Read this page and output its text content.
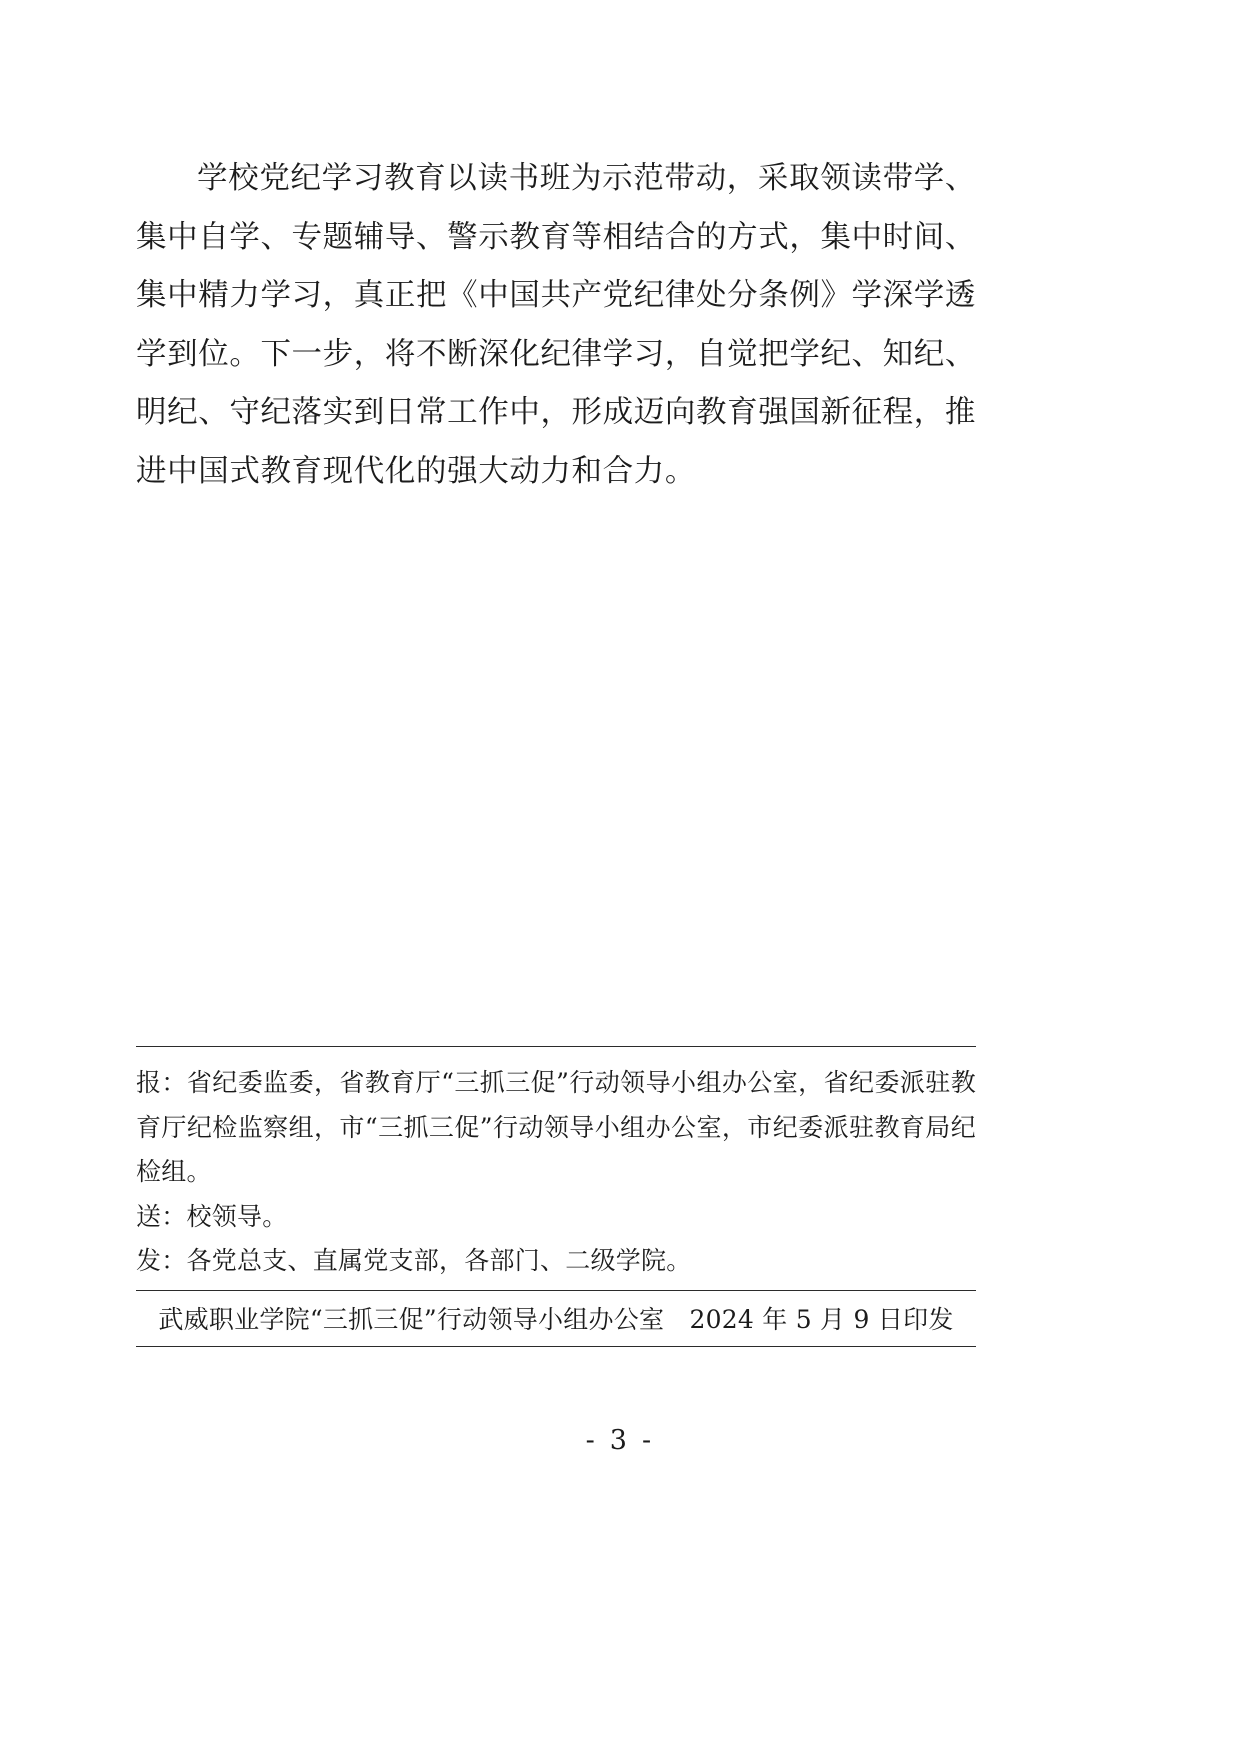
学校党纪学习教育以读书班为示范带动，采取领读带学、集中自学、专题辅导、警示教育等相结合的方式，集中时间、集中精力学习，真正把《中国共产党纪律处分条例》学深学透学到位。下一步，将不断深化纪律学习，自觉把学纪、知纪、明纪、守纪落实到日常工作中，形成迈向教育强国新征程，推进中国式教育现代化的强大动力和合力。

报：省纪委监委，省教育厅“三抓三促”行动领导小组办公室，省纪委派驻教育厅纪检监察组，市“三抓三促”行动领导小组办公室，市纪委派驻教育局纪检组。

送：校领导。

发：各党总支、直属党支部，各部门、二级学院。

武威职业学院“三抓三促”行动领导小组办公室　2024 年 5 月 9 日印发
- 3 -
